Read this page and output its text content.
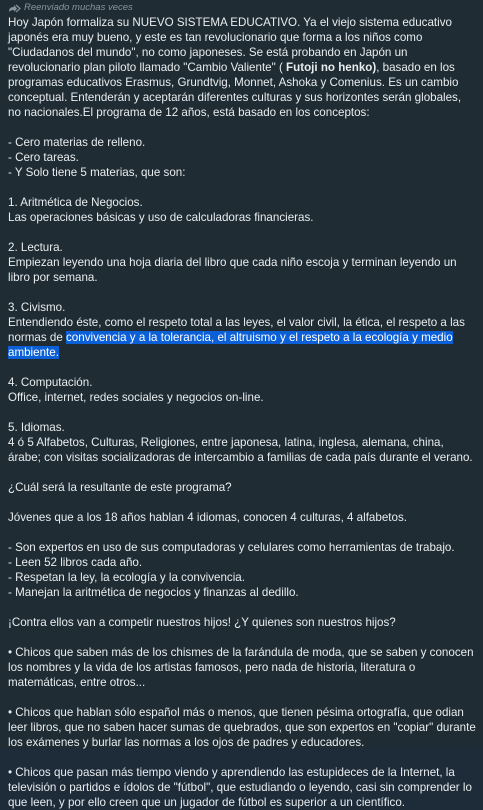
Reenviado muchas veces

Hoy Japón formaliza su NUEVO SISTEMA EDUCATIVO. Ya el viejo sistema educativo japonés era muy bueno, y este es tan revolucionario que forma a los niños como "Ciudadanos del mundo", no como japoneses. Se está probando en Japón un revolucionario plan piloto llamado "Cambio Valiente" ( Futoji no henko), basado en los programas educativos Erasmus, Grundtvig, Monnet, Ashoka y Comenius. Es un cambio conceptual. Entenderán y aceptarán diferentes culturas y sus horizontes serán globales, no nacionales.El programa de 12 años, está basado en los conceptos:

- Cero materias de relleno.

- Cero tareas.

- Y Solo tiene 5 materias, que son:

1. Aritmética de Negocios.

Las operaciones básicas y uso de calculadoras financieras.

2. Lectura.

Empiezan leyendo una hoja diaria del libro que cada niño escoja y terminan leyendo un libro por semana.

3. Civismo.

Entendiendo éste, como el respeto total a las leyes, el valor civil, la ética, el respeto a las normas de convivencia y a la tolerancia, el altruismo y el respeto a la ecología y medio ambiente.

4. Computación.

Office, internet, redes sociales y negocios on-line.

5. Idiomas.

4 ó 5 Alfabetos, Culturas, Religiones, entre japonesa, latina, inglesa, alemana, china, árabe; con visitas socializadoras de intercambio a familias de cada país durante el verano.

¿Cuál será la resultante de este programa?

Jóvenes que a los 18 años hablan 4 idiomas, conocen 4 culturas, 4 alfabetos.

- Son expertos en uso de sus computadoras y celulares como herramientas de trabajo.

- Leen 52 libros cada año.

- Respetan la ley, la ecología y la convivencia.

- Manejan la aritmética de negocios y finanzas al dedillo.

¡Contra ellos van a competir nuestros hijos! ¿Y quienes son nuestros hijos?

• Chicos que saben más de los chismes de la farándula de moda, que se saben y conocen los nombres y la vida de los artistas famosos, pero nada de historia, literatura o matemáticas, entre otros...

• Chicos que hablan sólo español más o menos, que tienen pésima ortografía, que odian leer libros, que no saben hacer sumas de quebrados, que son expertos en "copiar" durante los exámenes y burlar las normas a los ojos de padres y educadores.

• Chicos que pasan más tiempo viendo y aprendiendo las estupideces de la Internet, la televisión o partidos e ídolos de "fútbol", que estudiando o leyendo, casi sin comprender lo que leen, y por ello creen que un jugador de fútbol es superior a un científico.
